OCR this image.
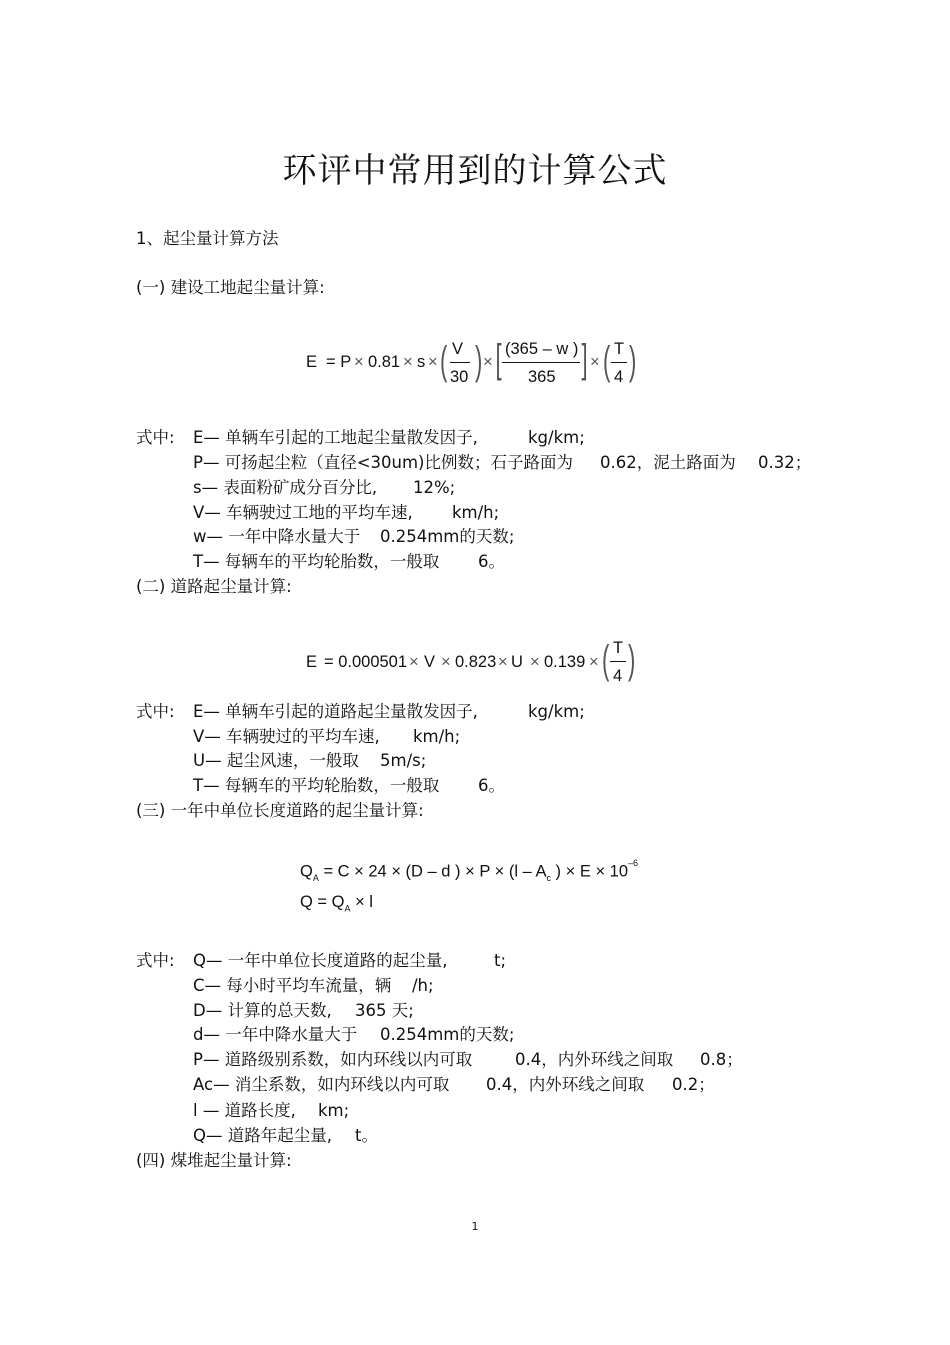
环评中常用到的计算公式
1、起尘量计算方法
(一) 建设工地起尘量计算:
E = P × 0.81 × s × ( V
30 ) × [ (365 – w )
365 ] × ( T
4 )
式中: E— 单辆车引起的工地起尘量散发因子,	kg/km;
P— 可扬起尘粒（直径<30um)比例数；石子路面为 0.62，泥土路面为 0.32；
s— 表面粉矿成分百分比, 12%;
V— 车辆驶过工地的平均车速, km/h;
w— 一年中降水量大于 0.254mm的天数;
T— 每辆车的平均轮胎数，一般取 6。
(二) 道路起尘量计算:
E = 0.000501 × V × 0.823 × U × 0.139 × ( T
4 )
式中: E— 单辆车引起的道路起尘量散发因子,	kg/km;
V— 车辆驶过的平均车速, km/h;
U— 起尘风速，一般取 5m/s;
T— 每辆车的平均轮胎数，一般取 6。
(三) 一年中单位长度道路的起尘量计算:
$Q_A = C \times 24 \times (D - d$ ) × $P \times (l - A_c$ ) × $E \times 10^{-6}$
$Q = Q_A \times l$
式中: Q— 一年中单位长度道路的起尘量,	t;
C— 每小时平均车流量，辆 /h;
D— 计算的总天数, 365 天;
d— 一年中降水量大于 0.254mm的天数;
P— 道路级别系数，如内环线以内可取	0.4，内外环线之间取 0.8；
Ac— 消尘系数，如内环线以内可取 0.4，内外环线之间取 0.2；
l — 道路长度, km;
Q— 道路年起尘量, t。
(四) 煤堆起尘量计算:
1
